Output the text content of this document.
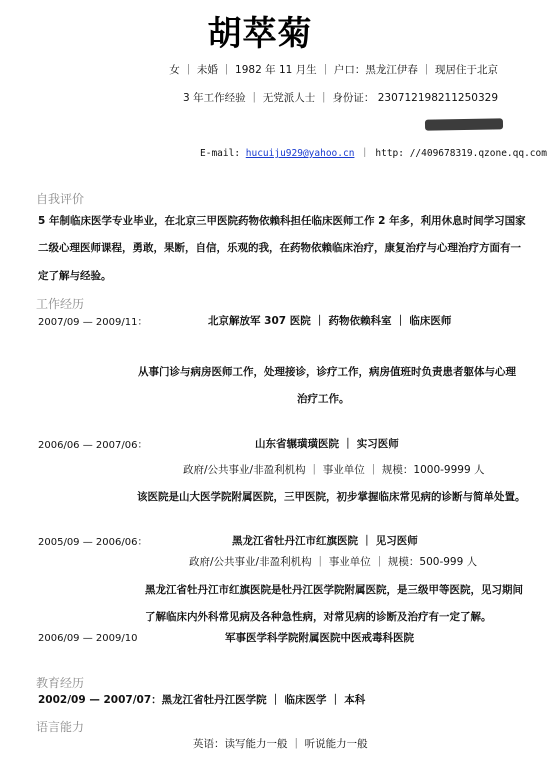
胡萃菊
女 ｜ 未婚 ｜ 1982 年 11 月生 ｜ 户口：黑龙江伊春 ｜ 现居住于北京
3 年工作经验 ｜ 无党派人士 ｜ 身份证： 230712198211250329
E-mail: hucuiju929@yahoo.cn ｜ http: //409678319.qzone.qq.com
自我评价
5 年制临床医学专业毕业，在北京三甲医院药物依赖科担任临床医师工作 2 年多，利用休息时间学习国家
二级心理医师课程，勇敢，果断，自信，乐观的我，在药物依赖临床治疗，康复治疗与心理治疗方面有一
定了解与经验。
工作经历
2007/09 — 2009/11：	北京解放军 307 医院 ｜ 药物依赖科室 ｜ 临床医师
从事门诊与病房医师工作，处理接诊，诊疗工作，病房值班时负责患者躯体与心理
治疗工作。
2006/06 — 2007/06：	山东省辗璜璜医院 ｜ 实习医师
政府/公共事业/非盈利机构 ｜ 事业单位 ｜ 规模：1000-9999 人
该医院是山大医学院附属医院，三甲医院，初步掌握临床常见病的诊断与简单处置。
2005/09 — 2006/06：	黑龙江省牡丹江市红旗医院 ｜ 见习医师
政府/公共事业/非盈利机构 ｜ 事业单位 ｜ 规模：500-999 人
黑龙江省牡丹江市红旗医院是牡丹江医学院附属医院，是三级甲等医院，见习期间
了解临床内外科常见病及各种急性病，对常见病的诊断及治疗有一定了解。
2006/09 — 2009/10	军事医学科学院附属医院中医戒毒科医院
教育经历
2002/09 — 2007/07：黑龙江省牡丹江医学院 ｜ 临床医学 ｜ 本科
语言能力
英语：读写能力一般 ｜ 听说能力一般
